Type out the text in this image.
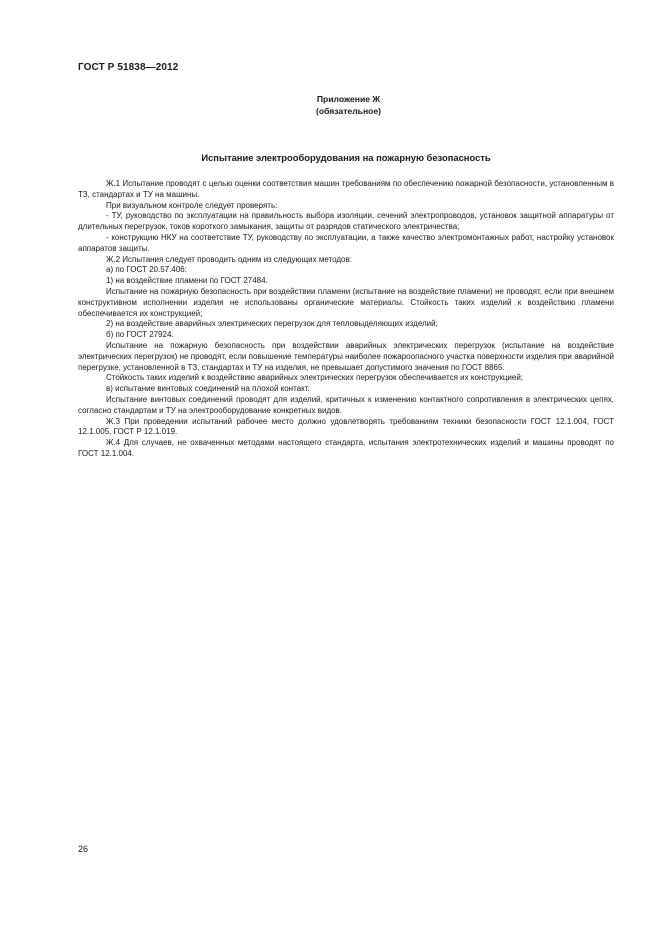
ГОСТ Р 51838—2012
Приложение Ж
(обязательное)
Испытание электрооборудования на пожарную безопасность

Ж.1 Испытание проводят с целью оценки соответствия машин требованиям по обеспечению пожарной безопасности, установленным в ТЗ, стандартах и ТУ на машины.

При визуальном контроле следует проверять:

- ТУ, руководство по эксплуатации на правильность выбора изоляции, сечений электропроводов, установок защитной аппаратуры от длительных перегрузок, токов короткого замыкания, защиты от разрядов статического электричества;

- конструкцию НКУ на соответствие ТУ, руководству по эксплуатации, а также качество электромонтажных работ, настройку установок аппаратов защиты.

Ж.2 Испытания следует проводить одним из следующих методов:

а) по ГОСТ 20.57.406:

1) на воздействие пламени по ГОСТ 27484.

Испытание на пожарную безопасность при воздействии пламени (испытание на воздействие пламени) не проводят, если при внешнем конструктивном исполнении изделия не использованы органические материалы. Стойкость таких изделий к воздействию пламени обеспечивается их конструкцией;

2) на воздействие аварийных электрических перегрузок для тепловыделяющих изделий;

б) по ГОСТ 27924.

Испытание на пожарную безопасность при воздействии аварийных электрических перегрузок (испытание на воздействие электрических перегрузок) не проводят, если повышение температуры наиболее пожароопасного участка поверхности изделия при аварийной перегрузке, установленной в ТЗ, стандартах и ТУ на изделия, не превышает допустимого значения по ГОСТ 8865.

Стойкость таких изделий к воздействию аварийных электрических перегрузок обеспечивается их конструкцией;

в) испытание винтовых соединений на плохой контакт.

Испытание винтовых соединений проводят для изделий, критичных к изменению контактного сопротивления в электрических цепях, согласно стандартам и ТУ на электрооборудование конкретных видов.

Ж.3 При проведении испытаний рабочее место должно удовлетворять требованиям техники безопасности ГОСТ 12.1.004, ГОСТ 12.1.005, ГОСТ Р 12.1.019.

Ж.4 Для случаев, не охваченных методами настоящего стандарта, испытания электротехнических изделий и машины проводят по ГОСТ 12.1.004.

26
